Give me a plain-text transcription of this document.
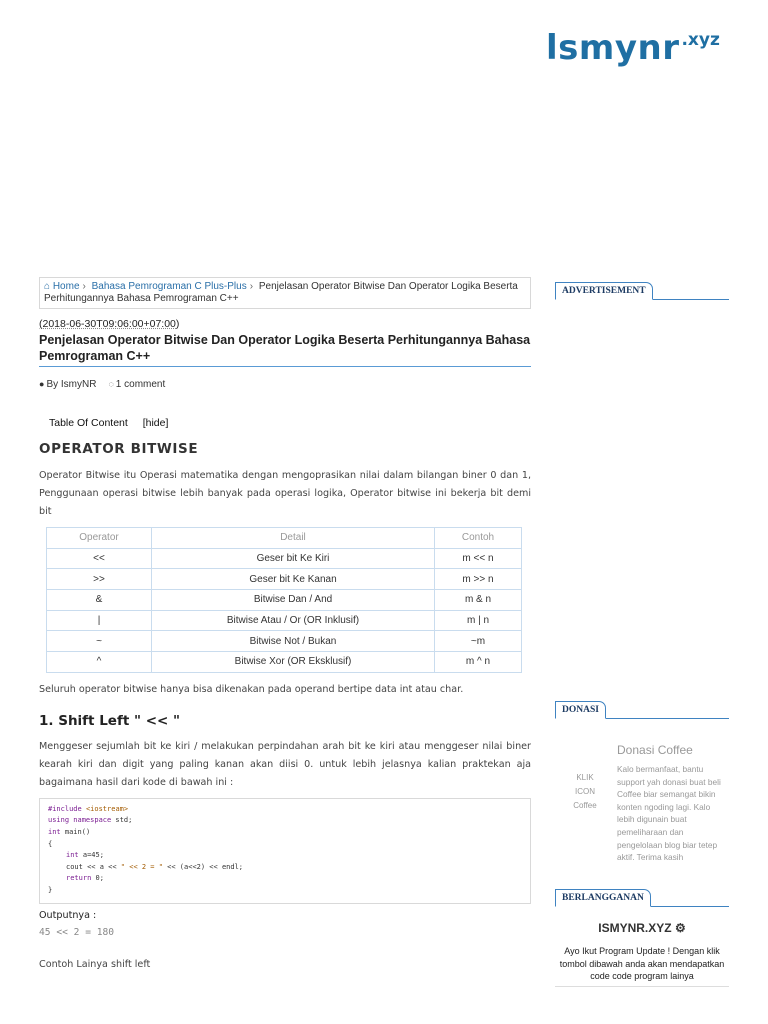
lsmynr .xyz
⌂ Home › Bahasa Pemrograman C Plus-Plus › Penjelasan Operator Bitwise Dan Operator Logika Beserta Perhitungannya Bahasa Pemrograman C++
(2018-06-30T09:06:00+07:00)
Penjelasan Operator Bitwise Dan Operator Logika Beserta Perhitungannya Bahasa Pemrograman C++
● By IsmyNR ◌ 1 comment
Table Of Content [hide]
OPERATOR BITWISE

Operator Bitwise itu Operasi matematika dengan mengoprasikan nilai dalam bilangan biner 0 dan 1, Penggunaan operasi bitwise lebih banyak pada operasi logika, Operator bitwise ini bekerja bit demi bit

Operator	Detail	Contoh
<<	Geser bit Ke Kiri	m << n
>>	Geser bit Ke Kanan	m >> n
&	Bitwise Dan / And	m & n
|	Bitwise Atau / Or (OR Inklusif)	m | n
~	Bitwise Not / Bukan	~m
^	Bitwise Xor (OR Eksklusif)	m ^ n

Seluruh operator bitwise hanya bisa dikenakan pada operand bertipe data int atau char.

1. Shift Left " << "

Menggeser sejumlah bit ke kiri / melakukan perpindahan arah bit ke kiri atau menggeser nilai biner kearah kiri dan digit yang paling kanan akan diisi 0. untuk lebih jelasnya kalian praktekan aja bagaimana hasil dari kode di bawah ini :

#include <iostream>
using namespace std;
int main()
{
int a=45;
cout << a << " << 2 = " << (a<<2) << endl;
return 0;
}
Outputnya :
45 << 2 = 180

Contoh Lainya shift left

ADVERTISEMENT
DONASI
KLIK
ICON
Coffee
Donasi Coffee
Kalo bermanfaat, bantu support yah donasi buat beli Coffee biar semangat bikin konten ngoding lagi. Kalo lebih digunain buat pemeliharaan dan pengelolaan blog biar tetep aktif. Terima kasih
BERLANGGANAN
ISMYNR.XYZ ⚙
Ayo Ikut Program Update ! Dengan klik tombol dibawah anda akan mendapatkan code code program lainya
